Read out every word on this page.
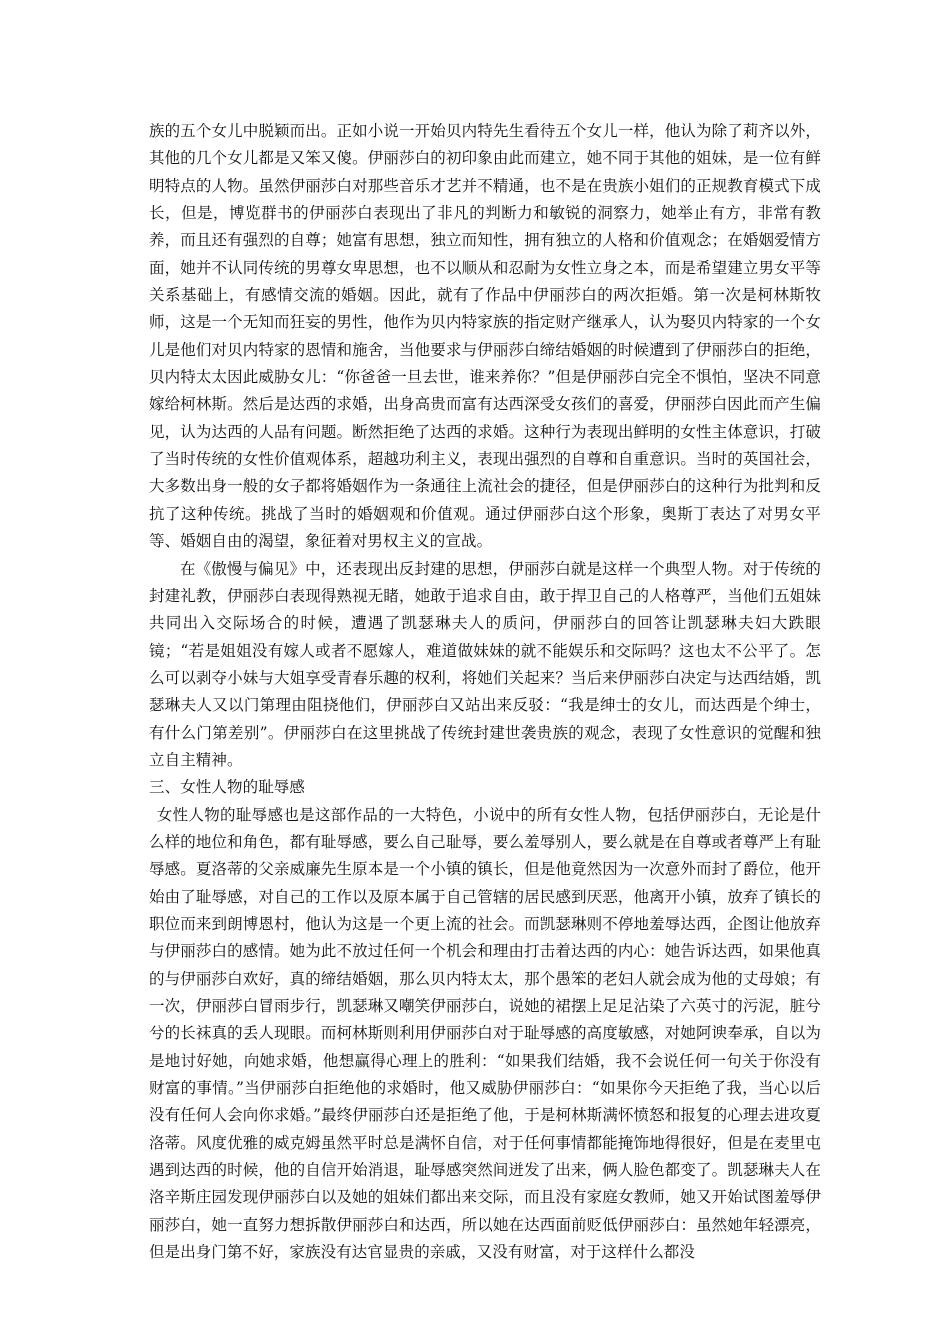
族的五个女儿中脱颖而出。正如小说一开始贝内特先生看待五个女儿一样，他认为除了莉齐以外，其他的几个女儿都是又笨又傻。伊丽莎白的初印象由此而建立，她不同于其他的姐妹，是一位有鲜明特点的人物。虽然伊丽莎白对那些音乐才艺并不精通，也不是在贵族小姐们的正规教育模式下成长，但是，博览群书的伊丽莎白表现出了非凡的判断力和敏锐的洞察力，她举止有方，非常有教养，而且还有强烈的自尊；她富有思想，独立而知性，拥有独立的人格和价值观念；在婚姻爱情方面，她并不认同传统的男尊女卑思想，也不以顺从和忍耐为女性立身之本，而是希望建立男女平等关系基础上，有感情交流的婚姻。因此，就有了作品中伊丽莎白的两次拒婚。第一次是柯林斯牧师，这是一个无知而狂妄的男性，他作为贝内特家族的指定财产继承人，认为娶贝内特家的一个女儿是他们对贝内特家的恩情和施舍，当他要求与伊丽莎白缔结婚姻的时候遭到了伊丽莎白的拒绝，贝内特太太因此威胁女儿：“你爸爸一旦去世，谁来养你？”但是伊丽莎白完全不惧怕，坚决不同意嫁给柯林斯。然后是达西的求婚，出身高贵而富有达西深受女孩们的喜爱，伊丽莎白因此而产生偏见，认为达西的人品有问题。断然拒绝了达西的求婚。这种行为表现出鲜明的女性主体意识，打破了当时传统的女性价值观体系，超越功利主义，表现出强烈的自尊和自重意识。当时的英国社会，大多数出身一般的女子都将婚姻作为一条通往上流社会的捷径，但是伊丽莎白的这种行为批判和反抗了这种传统。挑战了当时的婚姻观和价值观。通过伊丽莎白这个形象，奥斯丁表达了对男女平等、婚姻自由的渴望，象征着对男权主义的宣战。

在《傲慢与偏见》中，还表现出反封建的思想，伊丽莎白就是这样一个典型人物。对于传统的封建礼教，伊丽莎白表现得熟视无睹，她敢于追求自由，敢于捍卫自己的人格尊严，当他们五姐妹共同出入交际场合的时候，遭遇了凯瑟琳夫人的质问，伊丽莎白的回答让凯瑟琳夫妇大跌眼镜；“若是姐姐没有嫁人或者不愿嫁人，难道做妹妹的就不能娱乐和交际吗？这也太不公平了。怎么可以剥夺小妹与大姐享受青春乐趣的权利，将她们关起来？当后来伊丽莎白决定与达西结婚，凯瑟琳夫人又以门第理由阻挠他们，伊丽莎白又站出来反驳：“我是绅士的女儿，而达西是个绅士，有什么门第差别”。伊丽莎白在这里挑战了传统封建世袭贵族的观念，表现了女性意识的觉醒和独立自主精神。

三、女性人物的耻辱感

女性人物的耻辱感也是这部作品的一大特色，小说中的所有女性人物，包括伊丽莎白，无论是什么样的地位和角色，都有耻辱感，要么自己耻辱，要么羞辱别人，要么就是在自尊或者尊严上有耻辱感。夏洛蒂的父亲威廉先生原本是一个小镇的镇长，但是他竟然因为一次意外而封了爵位，他开始由了耻辱感，对自己的工作以及原本属于自己管辖的居民感到厌恶，他离开小镇，放弃了镇长的职位而来到朗博恩村，他认为这是一个更上流的社会。而凯瑟琳则不停地羞辱达西，企图让他放弃与伊丽莎白的感情。她为此不放过任何一个机会和理由打击着达西的内心：她告诉达西，如果他真的与伊丽莎白欢好，真的缔结婚姻，那么贝内特太太，那个愚笨的老妇人就会成为他的丈母娘；有一次，伊丽莎白冒雨步行，凯瑟琳又嘲笑伊丽莎白，说她的裙摆上足足沾染了六英寸的污泥，脏兮兮的长袜真的丢人现眼。而柯林斯则利用伊丽莎白对于耻辱感的高度敏感，对她阿谀奉承，自以为是地讨好她，向她求婚，他想赢得心理上的胜利：“如果我们结婚，我不会说任何一句关于你没有财富的事情。”当伊丽莎白拒绝他的求婚时，他又威胁伊丽莎白：“如果你今天拒绝了我，当心以后没有任何人会向你求婚。”最终伊丽莎白还是拒绝了他，于是柯林斯满怀愤怒和报复的心理去进攻夏洛蒂。风度优雅的威克姆虽然平时总是满怀自信，对于任何事情都能掩饰地得很好，但是在麦里屯遇到达西的时候，他的自信开始消退，耻辱感突然间迸发了出来，俩人脸色都变了。凯瑟琳夫人在洛辛斯庄园发现伊丽莎白以及她的姐妹们都出来交际，而且没有家庭女教师，她又开始试图羞辱伊丽莎白，她一直努力想拆散伊丽莎白和达西，所以她在达西面前贬低伊丽莎白：虽然她年轻漂亮，但是出身门第不好，家族没有达官显贵的亲戚，又没有财富，对于这样什么都没
